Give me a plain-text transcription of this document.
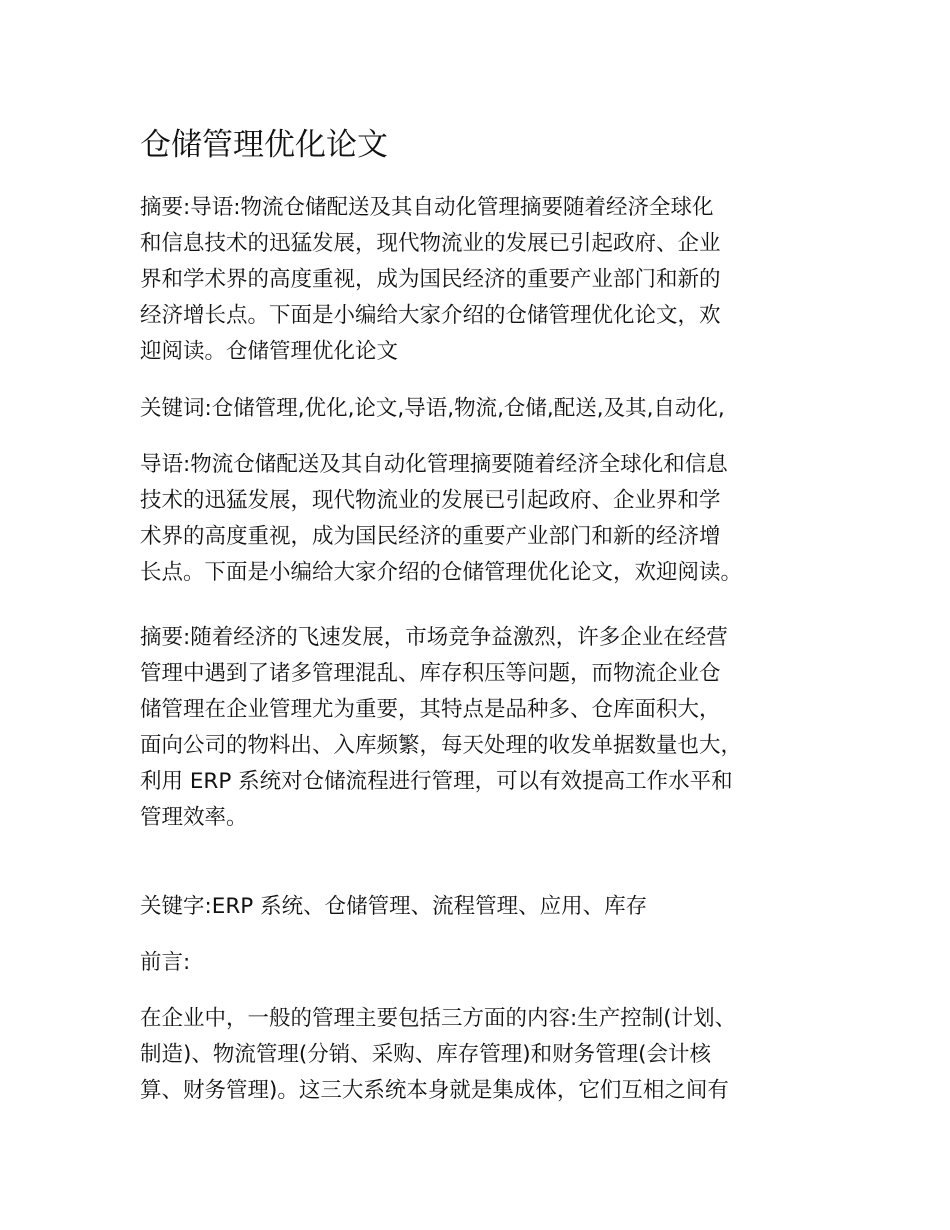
仓储管理优化论文

摘要:导语:物流仓储配送及其自动化管理摘要随着经济全球化
和信息技术的迅猛发展，现代物流业的发展已引起政府、企业
界和学术界的高度重视，成为国民经济的重要产业部门和新的
经济增长点。下面是小编给大家介绍的仓储管理优化论文，欢
迎阅读。仓储管理优化论文

关键词:仓储管理,优化,论文,导语,物流,仓储,配送,及其,自动化,

导语:物流仓储配送及其自动化管理摘要随着经济全球化和信息
技术的迅猛发展，现代物流业的发展已引起政府、企业界和学
术界的高度重视，成为国民经济的重要产业部门和新的经济增
长点。下面是小编给大家介绍的仓储管理优化论文，欢迎阅读。

摘要:随着经济的飞速发展，市场竞争益激烈，许多企业在经营
管理中遇到了诸多管理混乱、库存积压等问题，而物流企业仓
储管理在企业管理尤为重要，其特点是品种多、仓库面积大，
面向公司的物料出、入库频繁，每天处理的收发单据数量也大，
利用 ERP 系统对仓储流程进行管理，可以有效提高工作水平和
管理效率。

关键字:ERP 系统、仓储管理、流程管理、应用、库存

前言:

在企业中，一般的管理主要包括三方面的内容:生产控制(计划、
制造)、物流管理(分销、采购、库存管理)和财务管理(会计核
算、财务管理)。这三大系统本身就是集成体，它们互相之间有
